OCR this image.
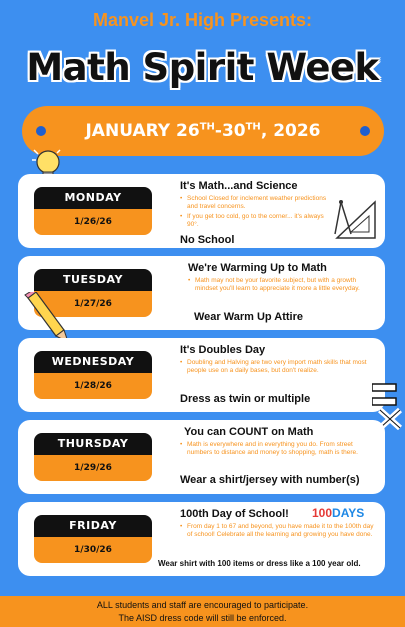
Manvel Jr. High Presents:
Math Spirit Week
JANUARY 26TH-30TH, 2026
MONDAY
1/26/26
It's Math...and Science
• School Closed for inclement weather predictions and travel concerns.
• If you get too cold, go to the corner... it's always 90°.
No School
TUESDAY
1/27/26
We're Warming Up to Math
• Math may not be your favorite subject, but with a growth mindset you'll learn to appreciate it more a little everyday.
Wear Warm Up Attire
WEDNESDAY
1/28/26
It's Doubles Day
• Doubling and Halving are two very import math skills that most people use on a daily bases, but don't realize.
Dress as twin or multiple
THURSDAY
1/29/26
You can COUNT on Math
• Math is everywhere and in everything you do. From street numbers to distance and money to shopping, math is there.
Wear a shirt/jersey with number(s)
FRIDAY
1/30/26
100th Day of School! 100DAYS
• From day 1 to 67 and beyond, you have made it to the 100th day of school! Celebrate all the learning and growing you have done.
Wear shirt with 100 items or dress like a 100 year old.
ALL students and staff are encouraged to participate.
The AISD dress code will still be enforced.
